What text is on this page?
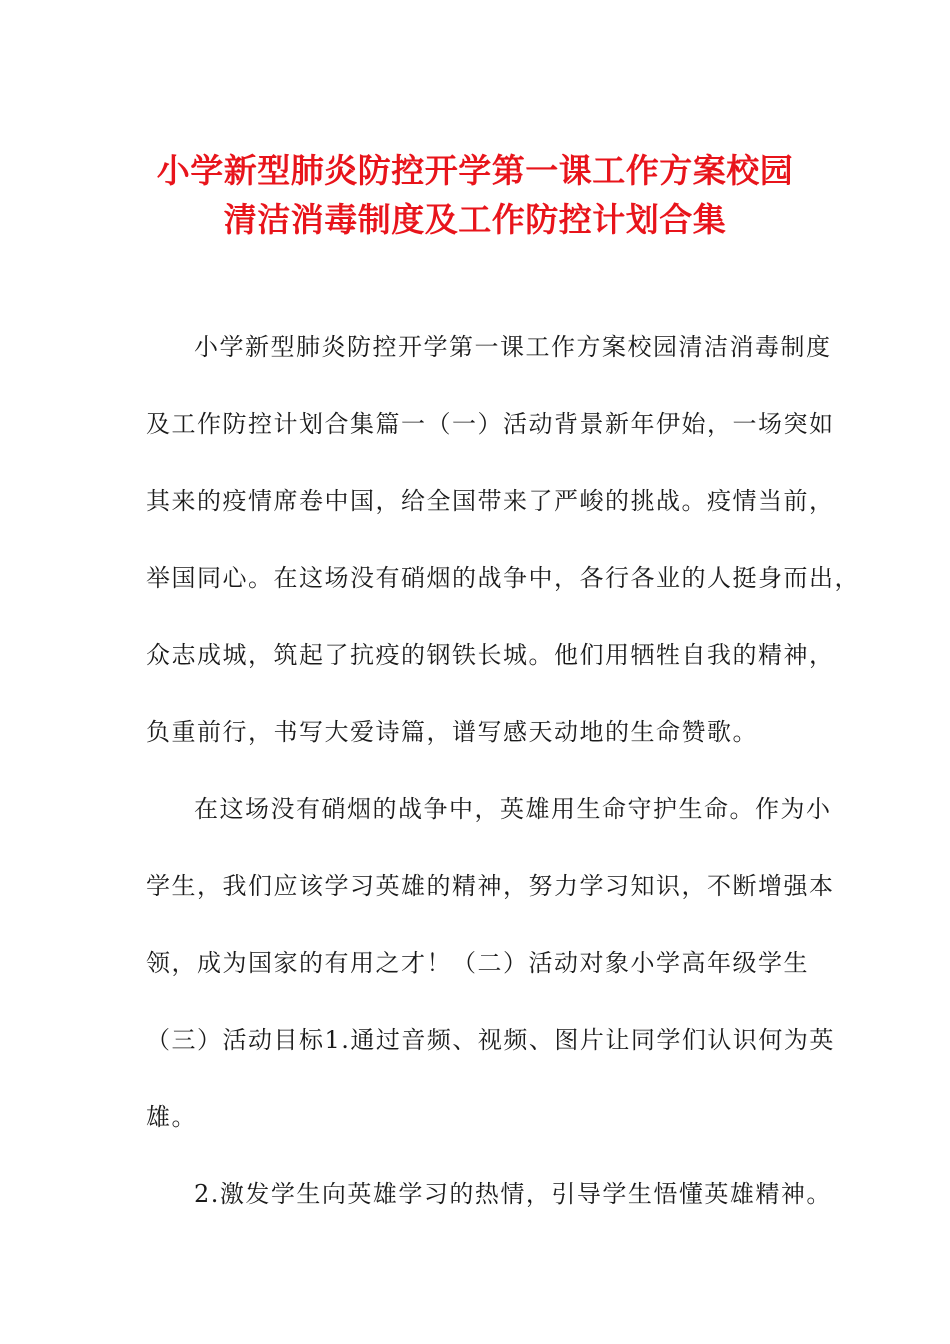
小学新型肺炎防控开学第一课工作方案校园
清洁消毒制度及工作防控计划合集
小学新型肺炎防控开学第一课工作方案校园清洁消毒制度
及工作防控计划合集篇一（一）活动背景新年伊始，一场突如
其来的疫情席卷中国，给全国带来了严峻的挑战。疫情当前，
举国同心。在这场没有硝烟的战争中，各行各业的人挺身而出，
众志成城，筑起了抗疫的钢铁长城。他们用牺牲自我的精神，
负重前行，书写大爱诗篇，谱写感天动地的生命赞歌。
在这场没有硝烟的战争中，英雄用生命守护生命。作为小
学生，我们应该学习英雄的精神，努力学习知识，不断增强本
领，成为国家的有用之才！（二）活动对象小学高年级学生
（三）活动目标1.通过音频、视频、图片让同学们认识何为英
雄。
2.激发学生向英雄学习的热情，引导学生悟懂英雄精神。
